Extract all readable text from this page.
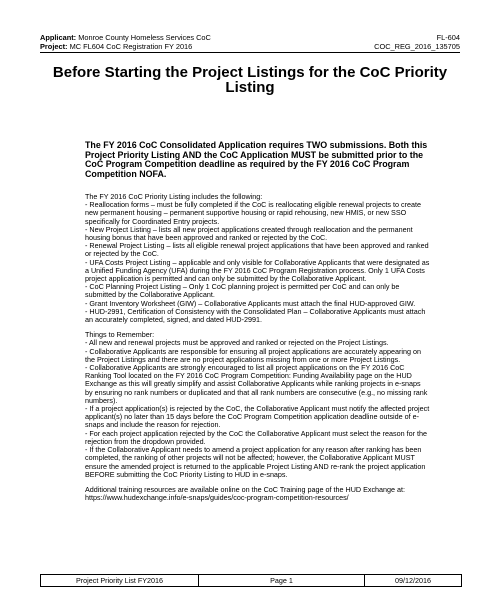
Applicant: Monroe County Homeless Services CoC	FL-604
Project: MC FL604 CoC Registration FY 2016	COC_REG_2016_135705
Before Starting the Project Listings for the CoC Priority Listing
The FY 2016 CoC Consolidated Application requires TWO submissions. Both this Project Priority Listing AND the CoC Application MUST be submitted prior to the CoC Program Competition deadline as required by the FY 2016 CoC Program Competition NOFA.

The FY 2016 CoC Priority Listing includes the following:

- Reallocation forms – must be fully completed if the CoC is reallocating eligible renewal projects to create new permanent housing – permanent supportive housing or rapid rehousing, new HMIS, or new SSO specifically for Coordinated Entry projects.

- New Project Listing – lists all new project applications created through reallocation and the permanent housing bonus that have been approved and ranked or rejected by the CoC.

- Renewal Project Listing – lists all eligible renewal project applications that have been approved and ranked or rejected by the CoC.

- UFA Costs Project Listing – applicable and only visible for Collaborative Applicants that were designated as a Unified Funding Agency (UFA) during the FY 2016 CoC Program Registration process. Only 1 UFA Costs project application is permitted and can only be submitted by the Collaborative Applicant.

- CoC Planning Project Listing – Only 1 CoC planning project is permitted per CoC and can only be submitted by the Collaborative Applicant.

- Grant Inventory Worksheet (GIW) – Collaborative Applicants must attach the final HUD-approved GIW.

- HUD-2991, Certification of Consistency with the Consolidated Plan – Collaborative Applicants must attach an accurately completed, signed, and dated HUD-2991.

Things to Remember:

- All new and renewal projects must be approved and ranked or rejected on the Project Listings.

- Collaborative Applicants are responsible for ensuring all project applications are accurately appearing on the Project Listings and there are no project applications missing from one or more Project Listings.

- Collaborative Applicants are strongly encouraged to list all project applications on the FY 2016 CoC Ranking Tool located on the FY 2016 CoC Program Competition: Funding Availability page on the HUD Exchange as this will greatly simplify and assist Collaborative Applicants while ranking projects in e-snaps by ensuring no rank numbers or duplicated and that all rank numbers are consecutive (e.g., no missing rank numbers).

- If a project application(s) is rejected by the CoC, the Collaborative Applicant must notify the affected project applicant(s) no later than 15 days before the CoC Program Competition application deadline outside of e-snaps and include the reason for rejection.

- For each project application rejected by the CoC the Collaborative Applicant must select the reason for the rejection from the dropdown provided.

- If the Collaborative Applicant needs to amend a project application for any reason after ranking has been completed, the ranking of other projects will not be affected; however, the Collaborative Applicant MUST ensure the amended project is returned to the applicable Project Listing AND re-rank the project application BEFORE submitting the CoC Priority Listing to HUD in e-snaps.

Additional training resources are available online on the CoC Training page of the HUD Exchange at: https://www.hudexchange.info/e-snaps/guides/coc-program-competition-resources/

Project Priority List FY2016	Page 1	09/12/2016
